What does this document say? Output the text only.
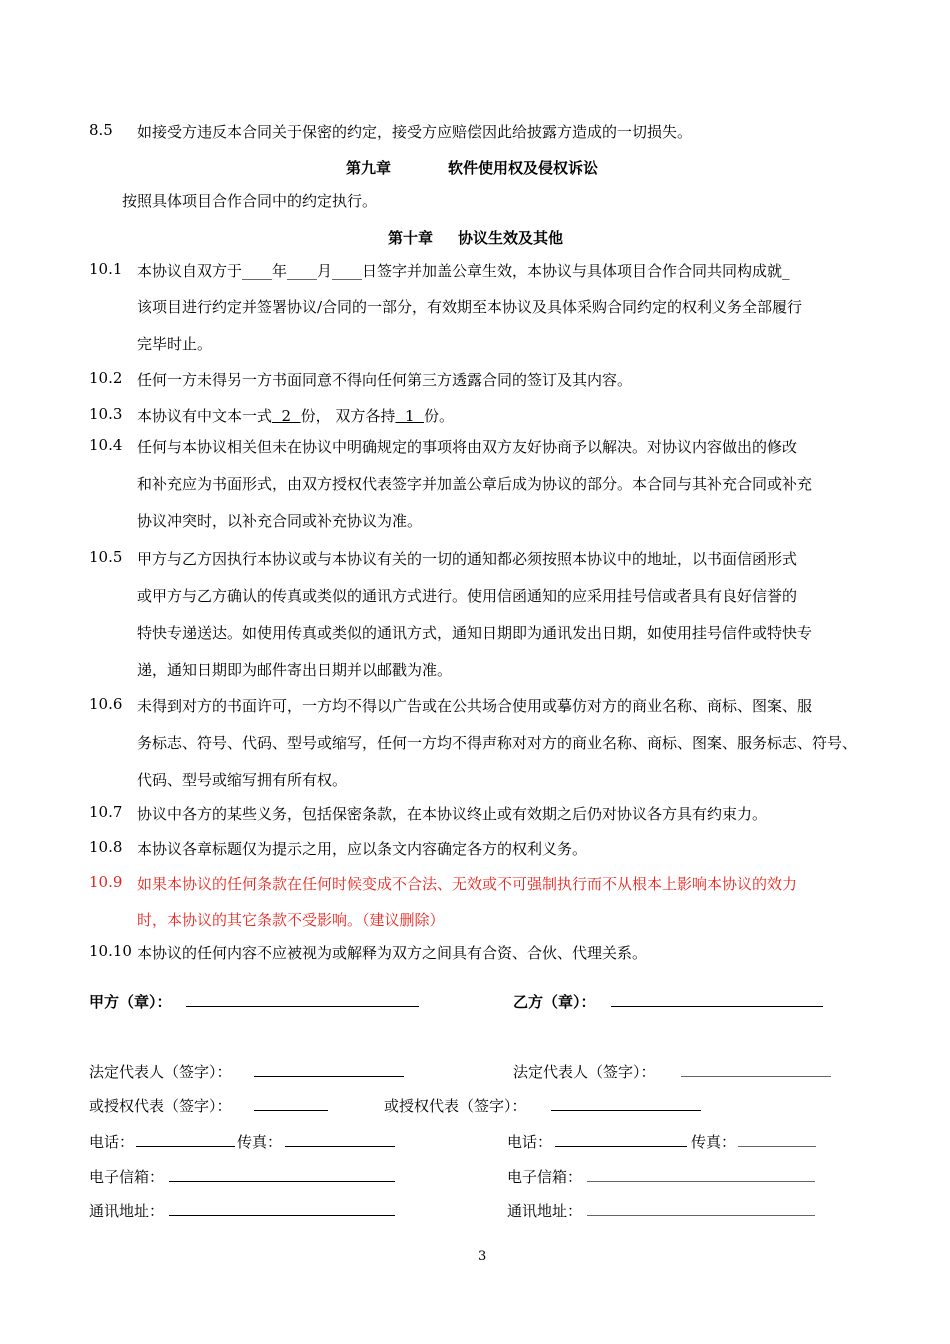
8.5 如接受方违反本合同关于保密的约定，接受方应赔偿因此给披露方造成的一切损失。
第九章	软件使用权及侵权诉讼
按照具体项目合作合同中的约定执行。
第十章 协议生效及其他
10.1 本协议自双方于____年____月____日签字并加盖公章生效，本协议与具体项目合作合同共同构成就_
该项目进行约定并签署协议/合同的一部分，有效期至本协议及具体采购合同约定的权利义务全部履行
完毕时止。
10.2 任何一方未得另一方书面同意不得向任何第三方透露合同的签订及其内容。
10.3 本协议有中文本一式  2  份， 双方各持  1  份。
10.4 任何与本协议相关但未在协议中明确规定的事项将由双方友好协商予以解决。对协议内容做出的修改
和补充应为书面形式，由双方授权代表签字并加盖公章后成为协议的部分。本合同与其补充合同或补充
协议冲突时，以补充合同或补充协议为准。
10.5 甲方与乙方因执行本协议或与本协议有关的一切的通知都必须按照本协议中的地址，以书面信函形式
或甲方与乙方确认的传真或类似的通讯方式进行。使用信函通知的应采用挂号信或者具有良好信誉的
特快专递送达。如使用传真或类似的通讯方式，通知日期即为通讯发出日期，如使用挂号信件或特快专
递，通知日期即为邮件寄出日期并以邮戳为准。
10.6 未得到对方的书面许可，一方均不得以广告或在公共场合使用或摹仿对方的商业名称、商标、图案、服
务标志、符号、代码、型号或缩写，任何一方均不得声称对对方的商业名称、商标、图案、服务标志、符号、
代码、型号或缩写拥有所有权。
10.7 协议中各方的某些义务，包括保密条款，在本协议终止或有效期之后仍对协议各方具有约束力。
10.8 本协议各章标题仅为提示之用，应以条文内容确定各方的权利义务。
10.9 如果本协议的任何条款在任何时候变成不合法、无效或不可强制执行而不从根本上影响本协议的效力
时，本协议的其它条款不受影响。（建议删除）
10.10 本协议的任何内容不应被视为或解释为双方之间具有合资、合伙、代理关系。
甲方（章）：	乙方（章）：
法定代表人（签字）：	法定代表人（签字）：
或授权代表（签字）：	或授权代表（签字）：
电话：	传真：	电话：	传真：
电子信箱：	电子信箱：
通讯地址：	通讯地址：
3
